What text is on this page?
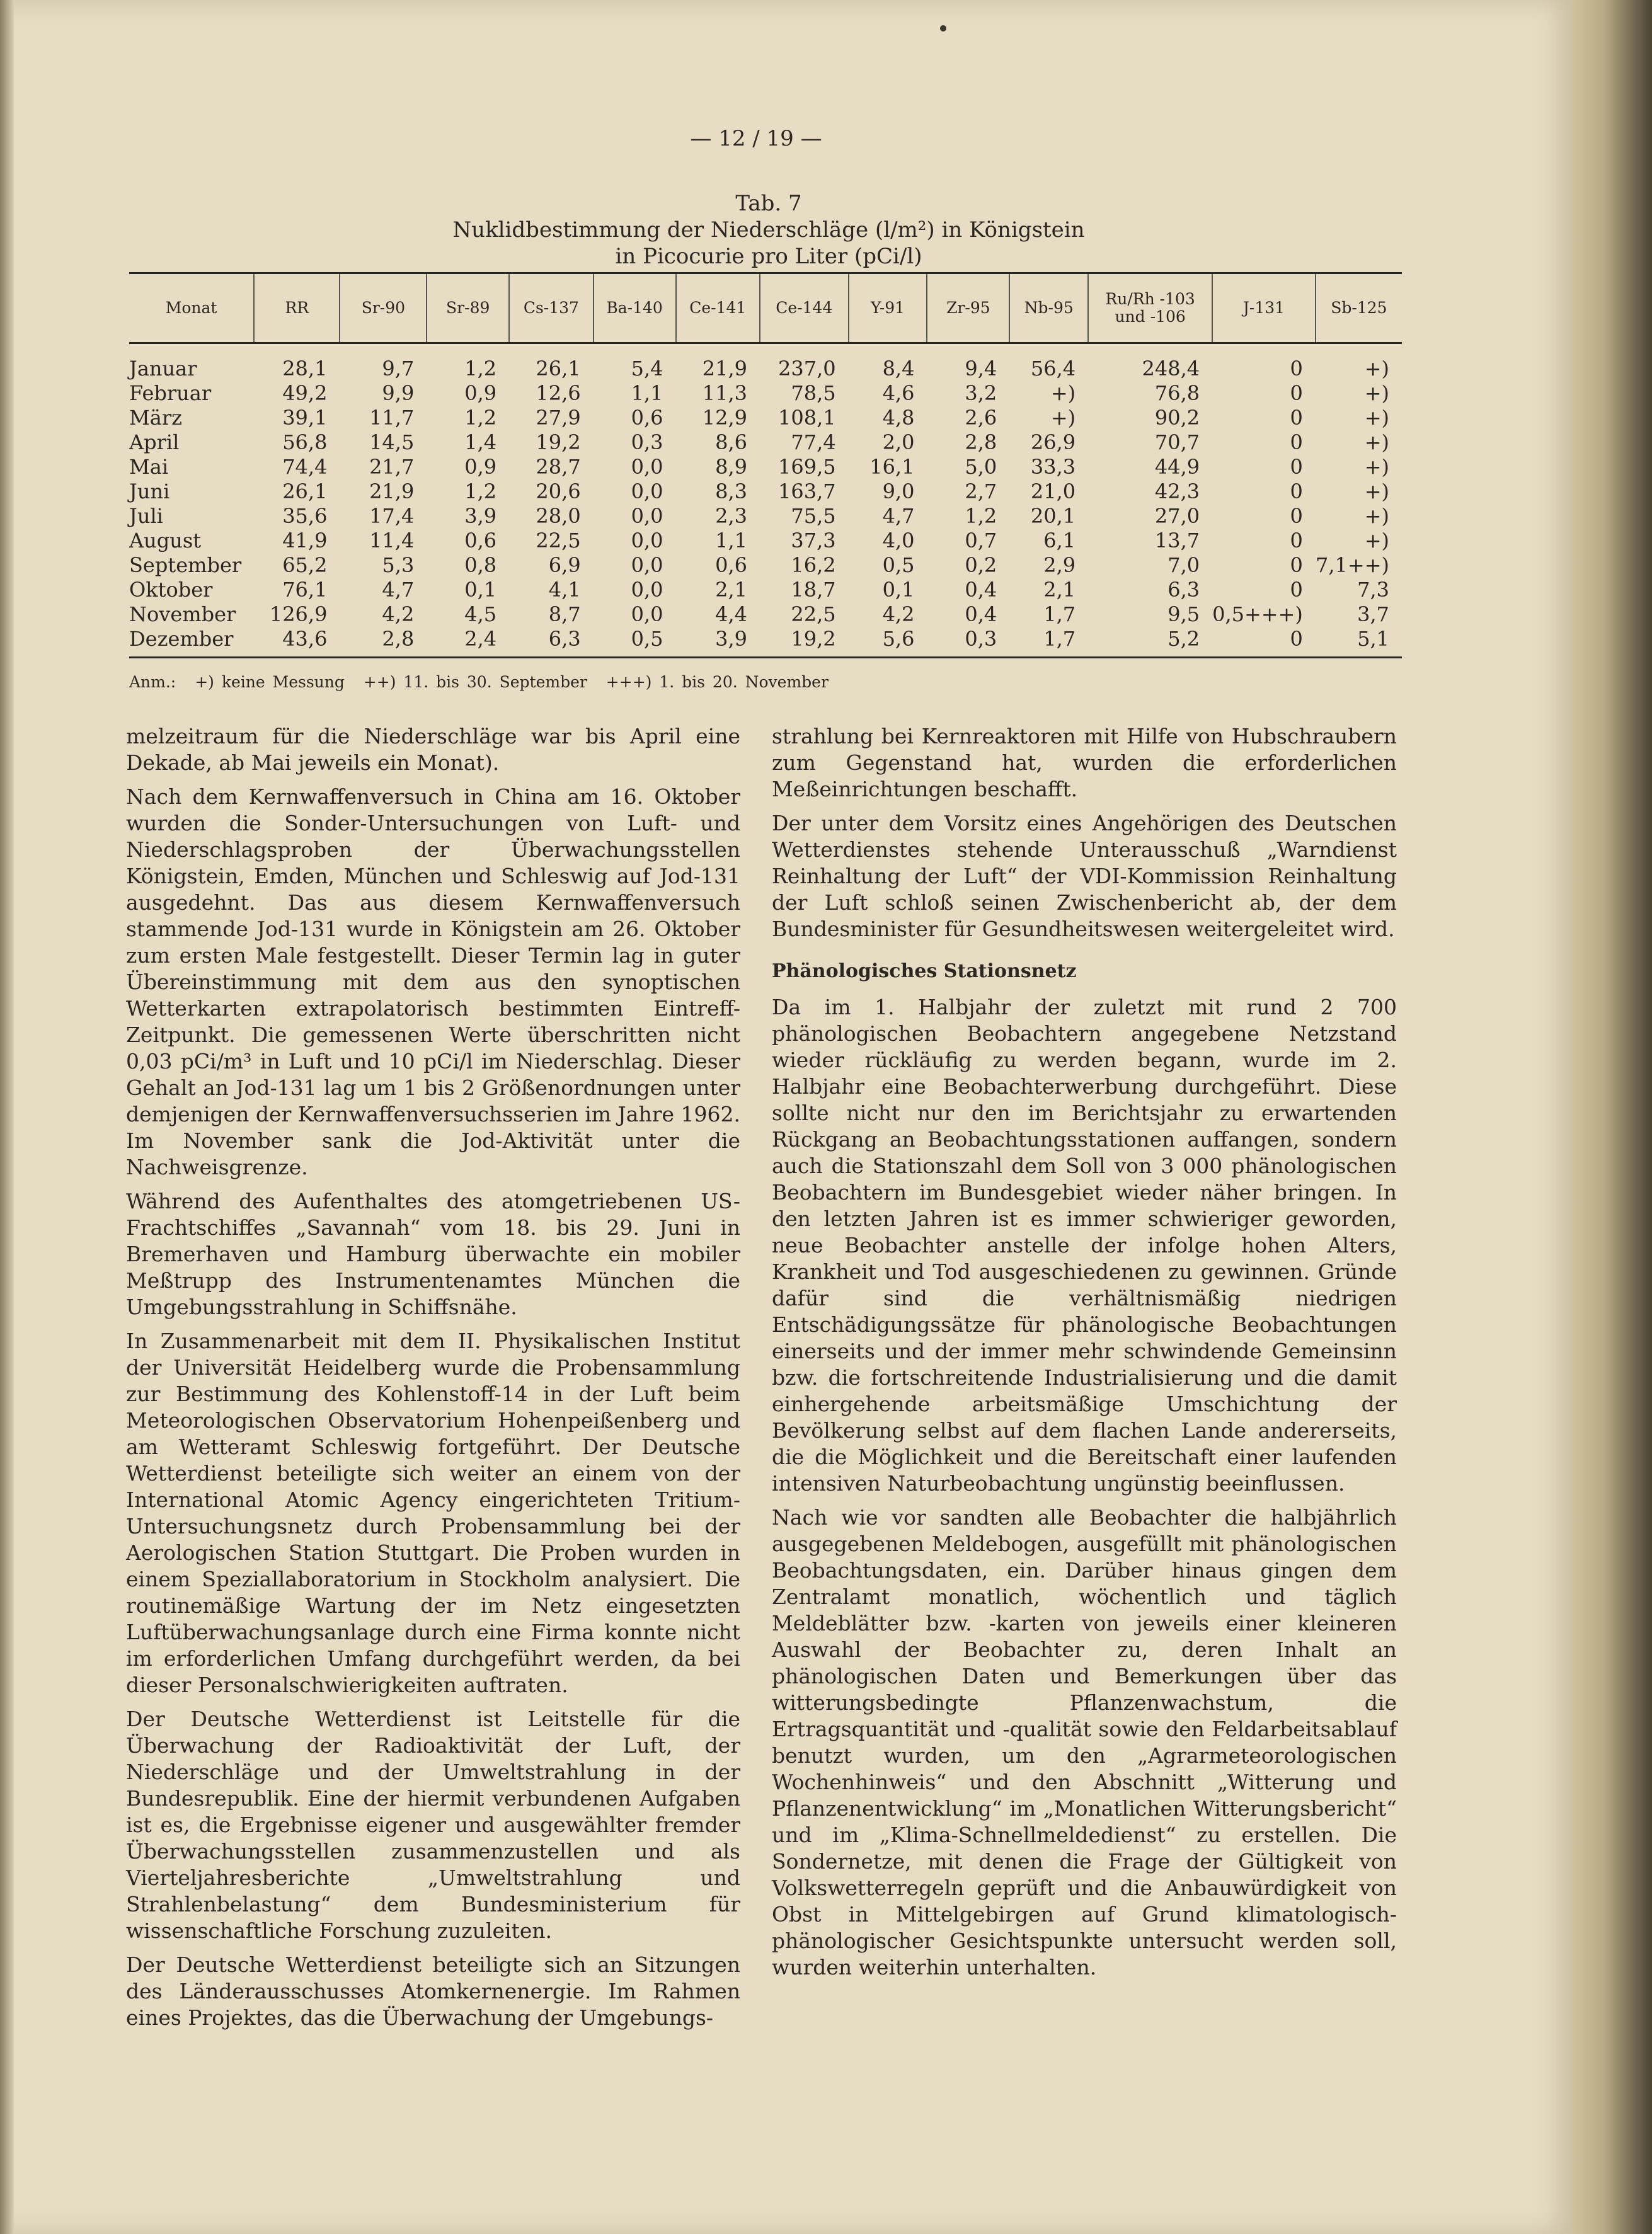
— 12 / 19 —
Tab. 7
Nuklidbestimmung der Niederschläge (l/m²) in Königstein
in Picocurie pro Liter (pCi/l)
Monat	RR	Sr-90	Sr-89	Cs-137	Ba-140	Ce-141	Ce-144	Y-91	Zr-95	Nb-95	Ru/Rh -103 und -106	J-131	Sb-125
Januar	28,1	9,7	1,2	26,1	5,4	21,9	237,0	8,4	9,4	56,4	248,4	0	+)
Februar	49,2	9,9	0,9	12,6	1,1	11,3	78,5	4,6	3,2	+)	76,8	0	+)
März	39,1	11,7	1,2	27,9	0,6	12,9	108,1	4,8	2,6	+)	90,2	0	+)
April	56,8	14,5	1,4	19,2	0,3	8,6	77,4	2,0	2,8	26,9	70,7	0	+)
Mai	74,4	21,7	0,9	28,7	0,0	8,9	169,5	16,1	5,0	33,3	44,9	0	+)
Juni	26,1	21,9	1,2	20,6	0,0	8,3	163,7	9,0	2,7	21,0	42,3	0	+)
Juli	35,6	17,4	3,9	28,0	0,0	2,3	75,5	4,7	1,2	20,1	27,0	0	+)
August	41,9	11,4	0,6	22,5	0,0	1,1	37,3	4,0	0,7	6,1	13,7	0	+)
September	65,2	5,3	0,8	6,9	0,0	0,6	16,2	0,5	0,2	2,9	7,0	0	7,1++)
Oktober	76,1	4,7	0,1	4,1	0,0	2,1	18,7	0,1	0,4	2,1	6,3	0	7,3
November	126,9	4,2	4,5	8,7	0,0	4,4	22,5	4,2	0,4	1,7	9,5	0,5+++)	3,7
Dezember	43,6	2,8	2,4	6,3	0,5	3,9	19,2	5,6	0,3	1,7	5,2	0	5,1
Anm.: +) keine Messung ++) 11. bis 30. September +++) 1. bis 20. November

melzeitraum für die Niederschläge war bis April eine Dekade, ab Mai jeweils ein Monat).

Nach dem Kernwaffenversuch in China am 16. Oktober wurden die Sonder-Untersuchungen von Luft- und Niederschlagsproben der Überwachungsstellen Königstein, Emden, München und Schleswig auf Jod-131 ausgedehnt. Das aus diesem Kernwaffenversuch stammende Jod-131 wurde in Königstein am 26. Oktober zum ersten Male festgestellt. Dieser Termin lag in guter Übereinstimmung mit dem aus den synoptischen Wetterkarten extrapolatorisch bestimmten Eintreff-Zeitpunkt. Die gemessenen Werte überschritten nicht 0,03 pCi/m³ in Luft und 10 pCi/l im Niederschlag. Dieser Gehalt an Jod-131 lag um 1 bis 2 Größenordnungen unter demjenigen der Kernwaffenversuchsserien im Jahre 1962. Im November sank die Jod-Aktivität unter die Nachweisgrenze.

Während des Aufenthaltes des atomgetriebenen US-Frachtschiffes „Savannah“ vom 18. bis 29. Juni in Bremerhaven und Hamburg überwachte ein mobiler Meßtrupp des Instrumentenamtes München die Umgebungsstrahlung in Schiffsnähe.

In Zusammenarbeit mit dem II. Physikalischen Institut der Universität Heidelberg wurde die Probensammlung zur Bestimmung des Kohlenstoff-14 in der Luft beim Meteorologischen Observatorium Hohenpeißenberg und am Wetteramt Schleswig fortgeführt. Der Deutsche Wetterdienst beteiligte sich weiter an einem von der International Atomic Agency eingerichteten Tritium-Untersuchungsnetz durch Probensammlung bei der Aerologischen Station Stuttgart. Die Proben wurden in einem Speziallaboratorium in Stockholm analysiert. Die routinemäßige Wartung der im Netz eingesetzten Luftüberwachungsanlage durch eine Firma konnte nicht im erforderlichen Umfang durchgeführt werden, da bei dieser Personalschwierigkeiten auftraten.

Der Deutsche Wetterdienst ist Leitstelle für die Überwachung der Radioaktivität der Luft, der Niederschläge und der Umweltstrahlung in der Bundesrepublik. Eine der hiermit verbundenen Aufgaben ist es, die Ergebnisse eigener und ausgewählter fremder Überwachungsstellen zusammenzustellen und als Vierteljahresberichte „Umweltstrahlung und Strahlenbelastung“ dem Bundesministerium für wissenschaftliche Forschung zuzuleiten.

Der Deutsche Wetterdienst beteiligte sich an Sitzungen des Länderausschusses Atomkernenergie. Im Rahmen eines Projektes, das die Überwachung der Umgebungs-

strahlung bei Kernreaktoren mit Hilfe von Hubschraubern zum Gegenstand hat, wurden die erforderlichen Meßeinrichtungen beschafft.

Der unter dem Vorsitz eines Angehörigen des Deutschen Wetterdienstes stehende Unterausschuß „Warndienst Reinhaltung der Luft“ der VDI-Kommission Reinhaltung der Luft schloß seinen Zwischenbericht ab, der dem Bundesminister für Gesundheitswesen weitergeleitet wird.

Phänologisches Stationsnetz

Da im 1. Halbjahr der zuletzt mit rund 2 700 phänologischen Beobachtern angegebene Netzstand wieder rückläufig zu werden begann, wurde im 2. Halbjahr eine Beobachterwerbung durchgeführt. Diese sollte nicht nur den im Berichtsjahr zu erwartenden Rückgang an Beobachtungsstationen auffangen, sondern auch die Stationszahl dem Soll von 3 000 phänologischen Beobachtern im Bundesgebiet wieder näher bringen. In den letzten Jahren ist es immer schwieriger geworden, neue Beobachter anstelle der infolge hohen Alters, Krankheit und Tod ausgeschiedenen zu gewinnen. Gründe dafür sind die verhältnismäßig niedrigen Entschädigungssätze für phänologische Beobachtungen einerseits und der immer mehr schwindende Gemeinsinn bzw. die fortschreitende Industrialisierung und die damit einhergehende arbeitsmäßige Umschichtung der Bevölkerung selbst auf dem flachen Lande andererseits, die die Möglichkeit und die Bereitschaft einer laufenden intensiven Naturbeobachtung ungünstig beeinflussen.

Nach wie vor sandten alle Beobachter die halbjährlich ausgegebenen Meldebogen, ausgefüllt mit phänologischen Beobachtungsdaten, ein. Darüber hinaus gingen dem Zentralamt monatlich, wöchentlich und täglich Meldeblätter bzw. -karten von jeweils einer kleineren Auswahl der Beobachter zu, deren Inhalt an phänologischen Daten und Bemerkungen über das witterungsbedingte Pflanzenwachstum, die Ertragsquantität und -qualität sowie den Feldarbeitsablauf benutzt wurden, um den „Agrarmeteorologischen Wochenhinweis“ und den Abschnitt „Witterung und Pflanzenentwicklung“ im „Monatlichen Witterungsbericht“ und im „Klima-Schnellmeldedienst“ zu erstellen. Die Sondernetze, mit denen die Frage der Gültigkeit von Volkswetterregeln geprüft und die Anbauwürdigkeit von Obst in Mittelgebirgen auf Grund klimatologisch-phänologischer Gesichtspunkte untersucht werden soll, wurden weiterhin unterhalten.
